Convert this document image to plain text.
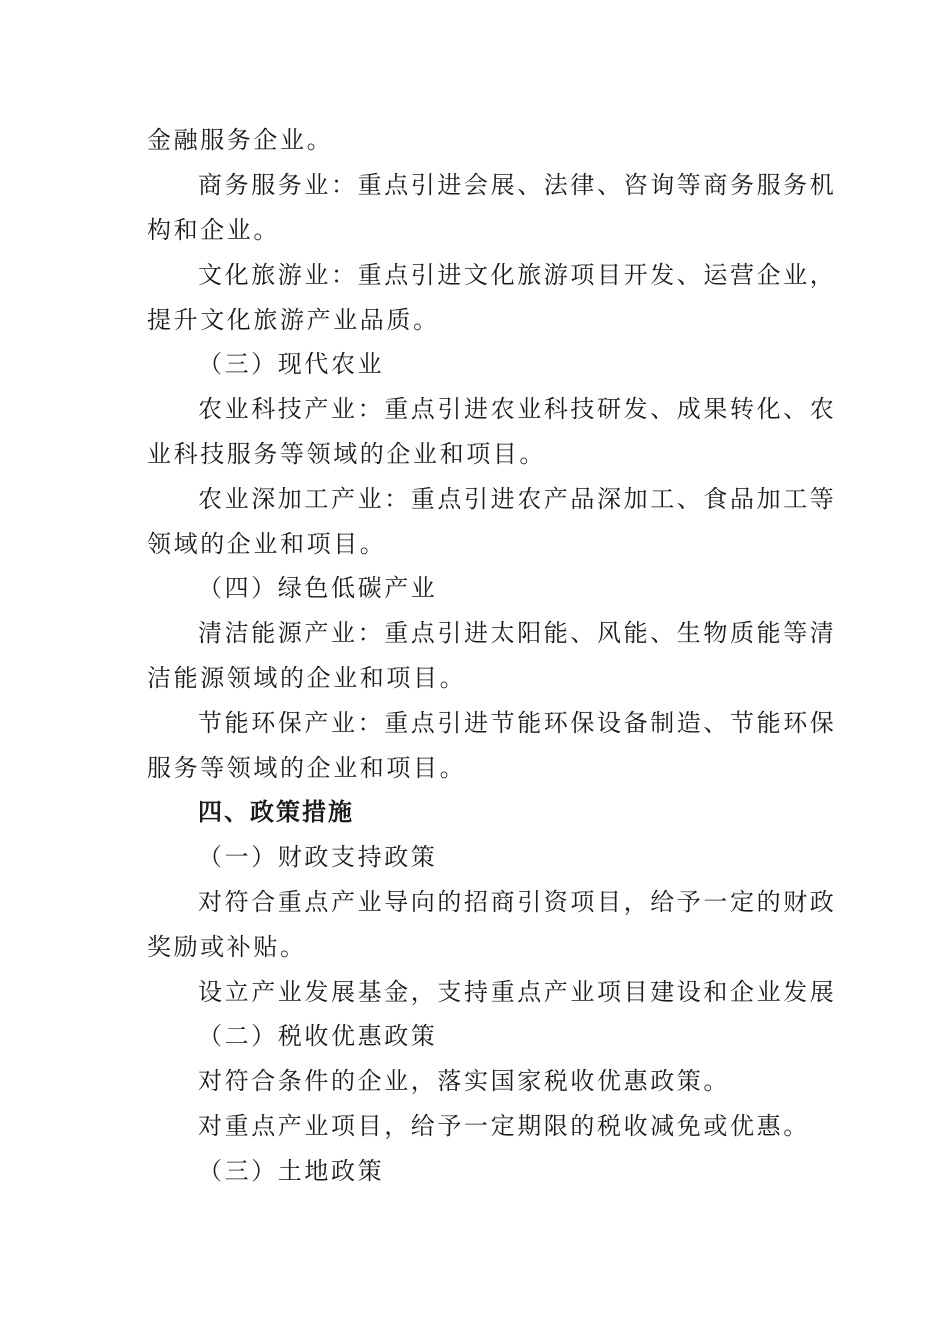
金融服务企业。
商务服务业：重点引进会展、法律、咨询等商务服务机
构和企业。
文化旅游业：重点引进文化旅游项目开发、运营企业，
提升文化旅游产业品质。
（三）现代农业
农业科技产业：重点引进农业科技研发、成果转化、农
业科技服务等领域的企业和项目。
农业深加工产业：重点引进农产品深加工、食品加工等
领域的企业和项目。
（四）绿色低碳产业
清洁能源产业：重点引进太阳能、风能、生物质能等清
洁能源领域的企业和项目。
节能环保产业：重点引进节能环保设备制造、节能环保
服务等领域的企业和项目。
四、政策措施
（一）财政支持政策
对符合重点产业导向的招商引资项目，给予一定的财政
奖励或补贴。
设立产业发展基金，支持重点产业项目建设和企业发展
（二）税收优惠政策
对符合条件的企业，落实国家税收优惠政策。
对重点产业项目，给予一定期限的税收减免或优惠。
（三）土地政策
